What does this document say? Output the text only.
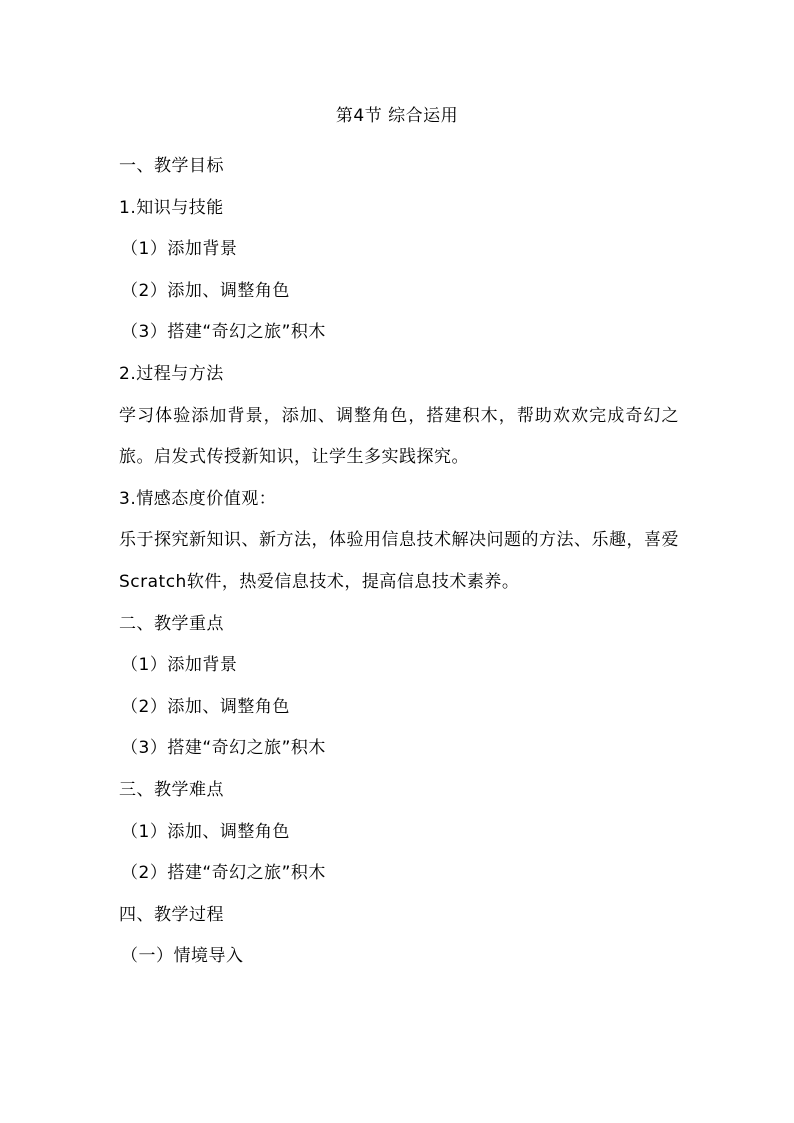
第4节 综合运用
一、教学目标
1.知识与技能
（1）添加背景
（2）添加、调整角色
（3）搭建“奇幻之旅”积木
2.过程与方法
学习体验添加背景，添加、调整角色，搭建积木，帮助欢欢完成奇幻之旅。启发式传授新知识，让学生多实践探究。
3.情感态度价值观：
乐于探究新知识、新方法，体验用信息技术解决问题的方法、乐趣，喜爱Scratch软件，热爱信息技术，提高信息技术素养。
二、教学重点
（1）添加背景
（2）添加、调整角色
（3）搭建“奇幻之旅”积木
三、教学难点
（1）添加、调整角色
（2）搭建“奇幻之旅”积木
四、教学过程
（一）情境导入
